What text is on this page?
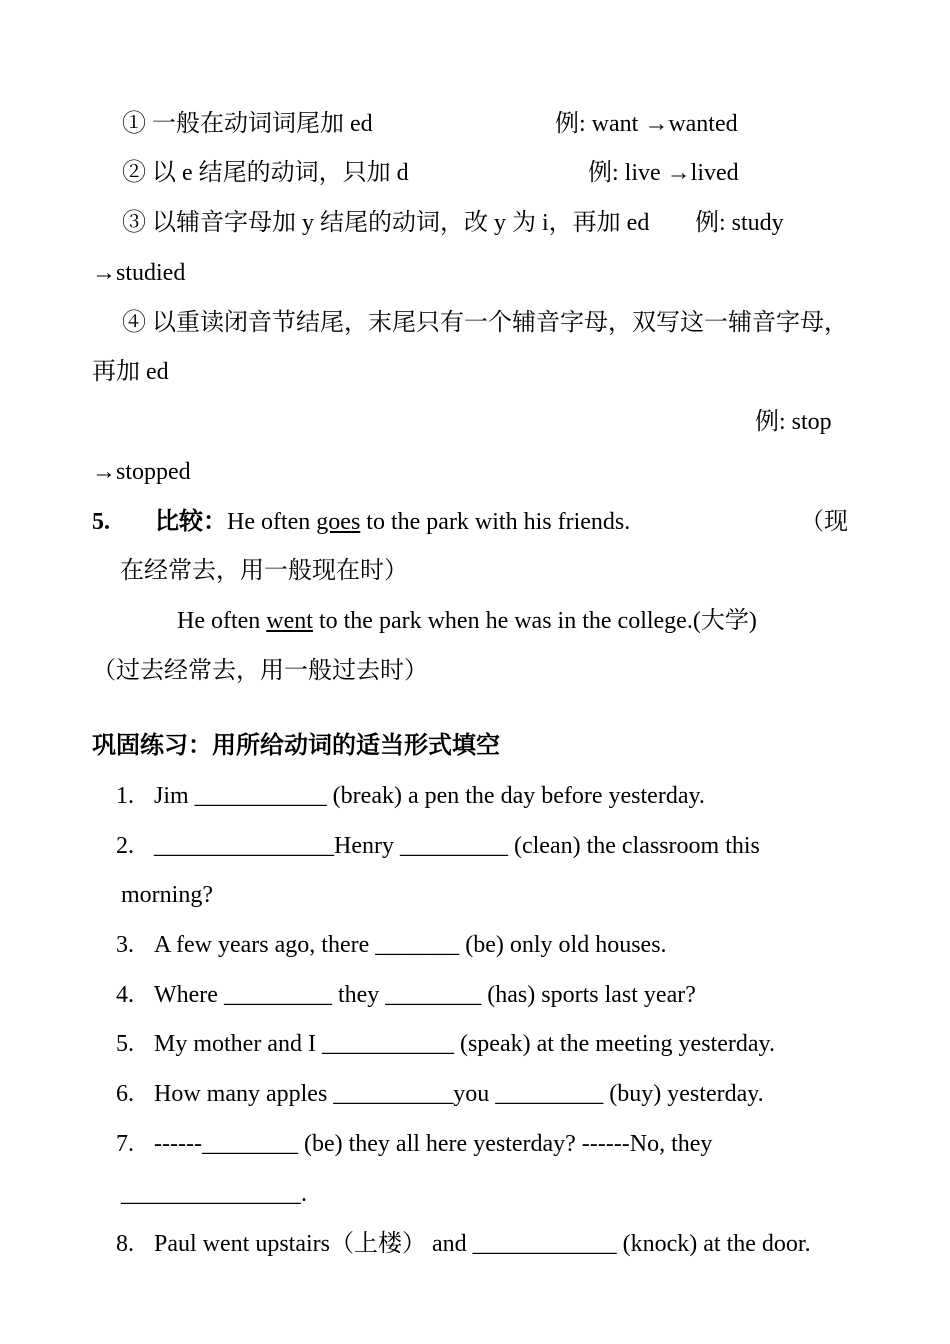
① 一般在动词词尾加 ed	例: want →wanted
② 以 e 结尾的动词，只加 d	例: live →lived
③ 以辅音字母加 y 结尾的动词，改 y 为 i，再加 ed 例: study
→studied
④ 以重读闭音节结尾，末尾只有一个辅音字母，双写这一辅音字母，
再加 ed
例: stop
→stopped
5. 比较：He often goes to the park with his friends.	（现
在经常去，用一般现在时）
He often went to the park when he was in the college.(大学)
（过去经常去，用一般过去时）
巩固练习：用所给动词的适当形式填空
1. Jim ___________ (break) a pen the day before yesterday.
2. _______________Henry _________ (clean) the classroom this
morning?
3. A few years ago, there _______ (be) only old houses.
4. Where _________ they ________ (has) sports last year?
5. My mother and I ___________ (speak) at the meeting yesterday.
6. How many apples __________you _________ (buy) yesterday.
7. ------________ (be) they all here yesterday? ------No, they
_______________.
8. Paul went upstairs（上楼） and ____________ (knock) at the door.
